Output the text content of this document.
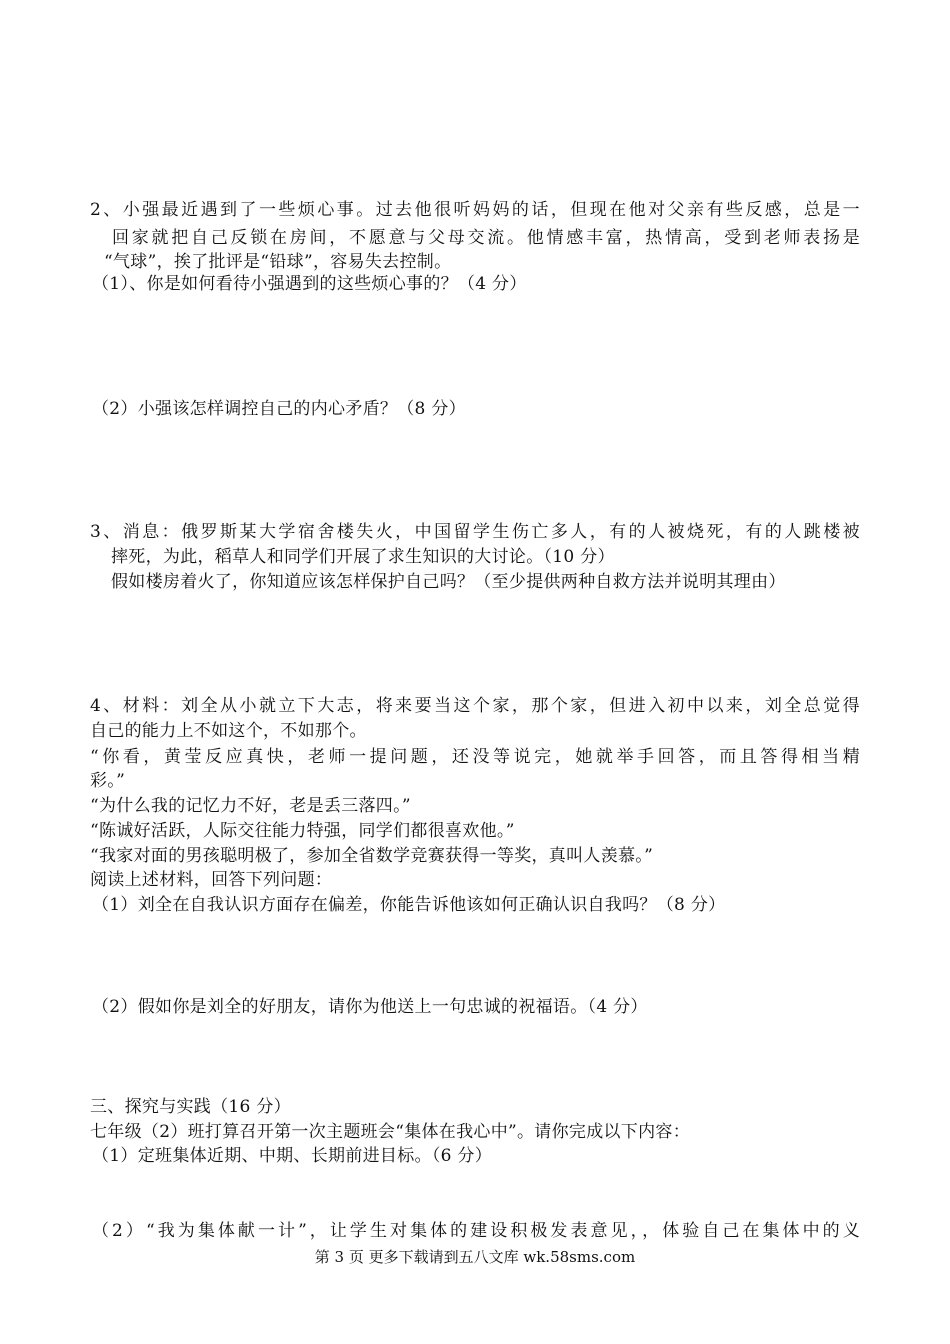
2、小强最近遇到了一些烦心事。过去他很听妈妈的话，但现在他对父亲有些反感，总是一
回家就把自己反锁在房间，不愿意与父母交流。他情感丰富，热情高，受到老师表扬是
“气球”，挨了批评是“铅球”，容易失去控制。
（1）、你是如何看待小强遇到的这些烦心事的？（4 分）
（2）小强该怎样调控自己的内心矛盾？（8 分）
3、消息：俄罗斯某大学宿舍楼失火，中国留学生伤亡多人，有的人被烧死，有的人跳楼被
摔死，为此，稻草人和同学们开展了求生知识的大讨论。（10 分）
假如楼房着火了，你知道应该怎样保护自己吗？（至少提供两种自救方法并说明其理由）
4、材料：刘全从小就立下大志，将来要当这个家，那个家，但进入初中以来，刘全总觉得
自己的能力上不如这个，不如那个。
“你看，黄莹反应真快，老师一提问题，还没等说完，她就举手回答，而且答得相当精
彩。”
“为什么我的记忆力不好，老是丢三落四。”
“陈诚好活跃，人际交往能力特强，同学们都很喜欢他。”
“我家对面的男孩聪明极了，参加全省数学竞赛获得一等奖，真叫人羡慕。”
阅读上述材料，回答下列问题：
（1）刘全在自我认识方面存在偏差，你能告诉他该如何正确认识自我吗？（8 分）
（2）假如你是刘全的好朋友，请你为他送上一句忠诚的祝福语。（4 分）
三、探究与实践（16 分）
七年级（2）班打算召开第一次主题班会“集体在我心中”。请你完成以下内容：
（1）定班集体近期、中期、长期前进目标。（6 分）
（2）“我为集体献一计”，让学生对集体的建设积极发表意见，，体验自己在集体中的义
第 3 页 更多下载请到五八文库 wk.58sms.com
